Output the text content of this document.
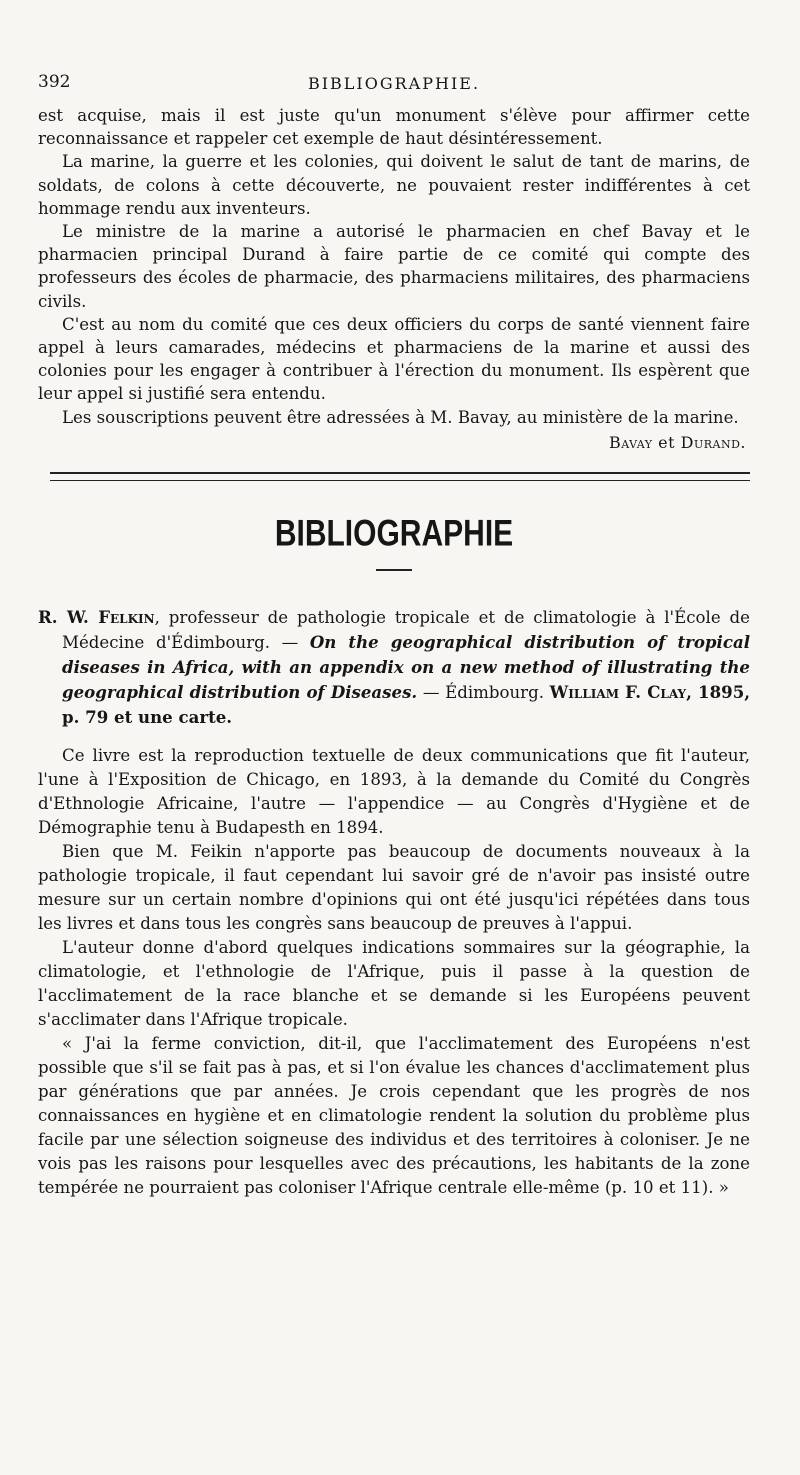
392	BIBLIOGRAPHIE.

est acquise, mais il est juste qu'un monument s'élève pour affirmer cette reconnaissance et rappeler cet exemple de haut désintéressement.

La marine, la guerre et les colonies, qui doivent le salut de tant de marins, de soldats, de colons à cette découverte, ne pouvaient rester indifférentes à cet hommage rendu aux inventeurs.

Le ministre de la marine a autorisé le pharmacien en chef Bavay et le pharmacien principal Durand à faire partie de ce comité qui compte des professeurs des écoles de pharmacie, des pharmaciens militaires, des pharmaciens civils.

C'est au nom du comité que ces deux officiers du corps de santé viennent faire appel à leurs camarades, médecins et pharmaciens de la marine et aussi des colonies pour les engager à contribuer à l'érection du monument. Ils espèrent que leur appel si justifié sera entendu.

Les souscriptions peuvent être adressées à M. Bavay, au ministère de la marine.

Bavay et Durand.
BIBLIOGRAPHIE

R. W. Felkin, professeur de pathologie tropicale et de climatologie à l'École de Médecine d'Édimbourg. — On the geographical distribution of tropical diseases in Africa, with an appendix on a new method of illustrating the geographical distribution of Diseases. — Édimbourg. William F. Clay, 1895, p. 79 et une carte.

Ce livre est la reproduction textuelle de deux communications que fit l'auteur, l'une à l'Exposition de Chicago, en 1893, à la demande du Comité du Congrès d'Ethnologie Africaine, l'autre — l'appendice — au Congrès d'Hygiène et de Démographie tenu à Budapesth en 1894.

Bien que M. Feikin n'apporte pas beaucoup de documents nouveaux à la pathologie tropicale, il faut cependant lui savoir gré de n'avoir pas insisté outre mesure sur un certain nombre d'opinions qui ont été jusqu'ici répétées dans tous les livres et dans tous les congrès sans beaucoup de preuves à l'appui.

L'auteur donne d'abord quelques indications sommaires sur la géographie, la climatologie, et l'ethnologie de l'Afrique, puis il passe à la question de l'acclimatement de la race blanche et se demande si les Européens peuvent s'acclimater dans l'Afrique tropicale.

« J'ai la ferme conviction, dit-il, que l'acclimatement des Européens n'est possible que s'il se fait pas à pas, et si l'on évalue les chances d'acclimatement plus par générations que par années. Je crois cependant que les progrès de nos connaissances en hygiène et en climatologie rendent la solution du problème plus facile par une sélection soigneuse des individus et des territoires à coloniser. Je ne vois pas les raisons pour lesquelles avec des précautions, les habitants de la zone tempérée ne pourraient pas coloniser l'Afrique centrale elle-même (p. 10 et 11). »
